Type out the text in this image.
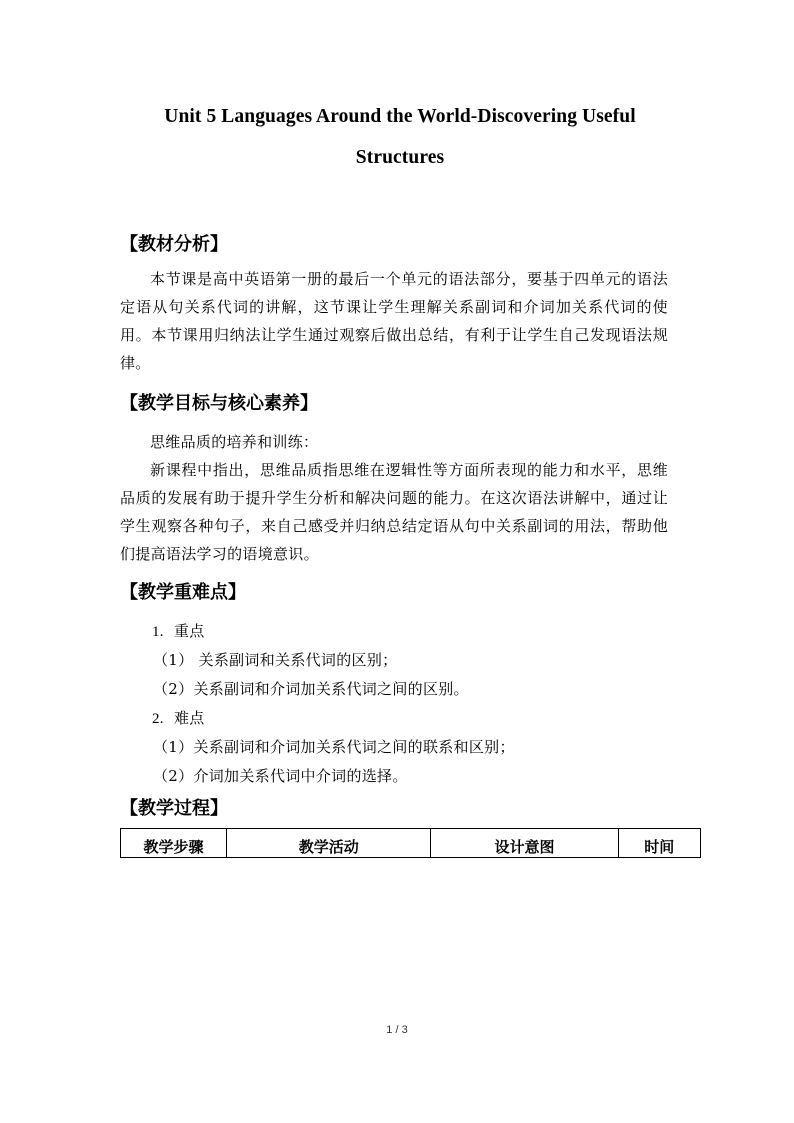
Unit 5 Languages Around the World-Discovering Useful
Structures
【教材分析】
本节课是高中英语第一册的最后一个单元的语法部分，要基于四单元的语法定语从句关系代词的讲解，这节课让学生理解关系副词和介词加关系代词的使用。本节课用归纳法让学生通过观察后做出总结，有利于让学生自己发现语法规律。
【教学目标与核心素养】
思维品质的培养和训练：
新课程中指出，思维品质指思维在逻辑性等方面所表现的能力和水平，思维品质的发展有助于提升学生分析和解决问题的能力。在这次语法讲解中，通过让学生观察各种句子，来自己感受并归纳总结定语从句中关系副词的用法，帮助他们提高语法学习的语境意识。
【教学重难点】
1. 重点
（1） 关系副词和关系代词的区别；
（2）关系副词和介词加关系代词之间的区别。
2. 难点
（1）关系副词和介词加关系代词之间的联系和区别；
（2）介词加关系代词中介词的选择。
【教学过程】
教学步骤	教学活动	设计意图	时间
1 / 3
